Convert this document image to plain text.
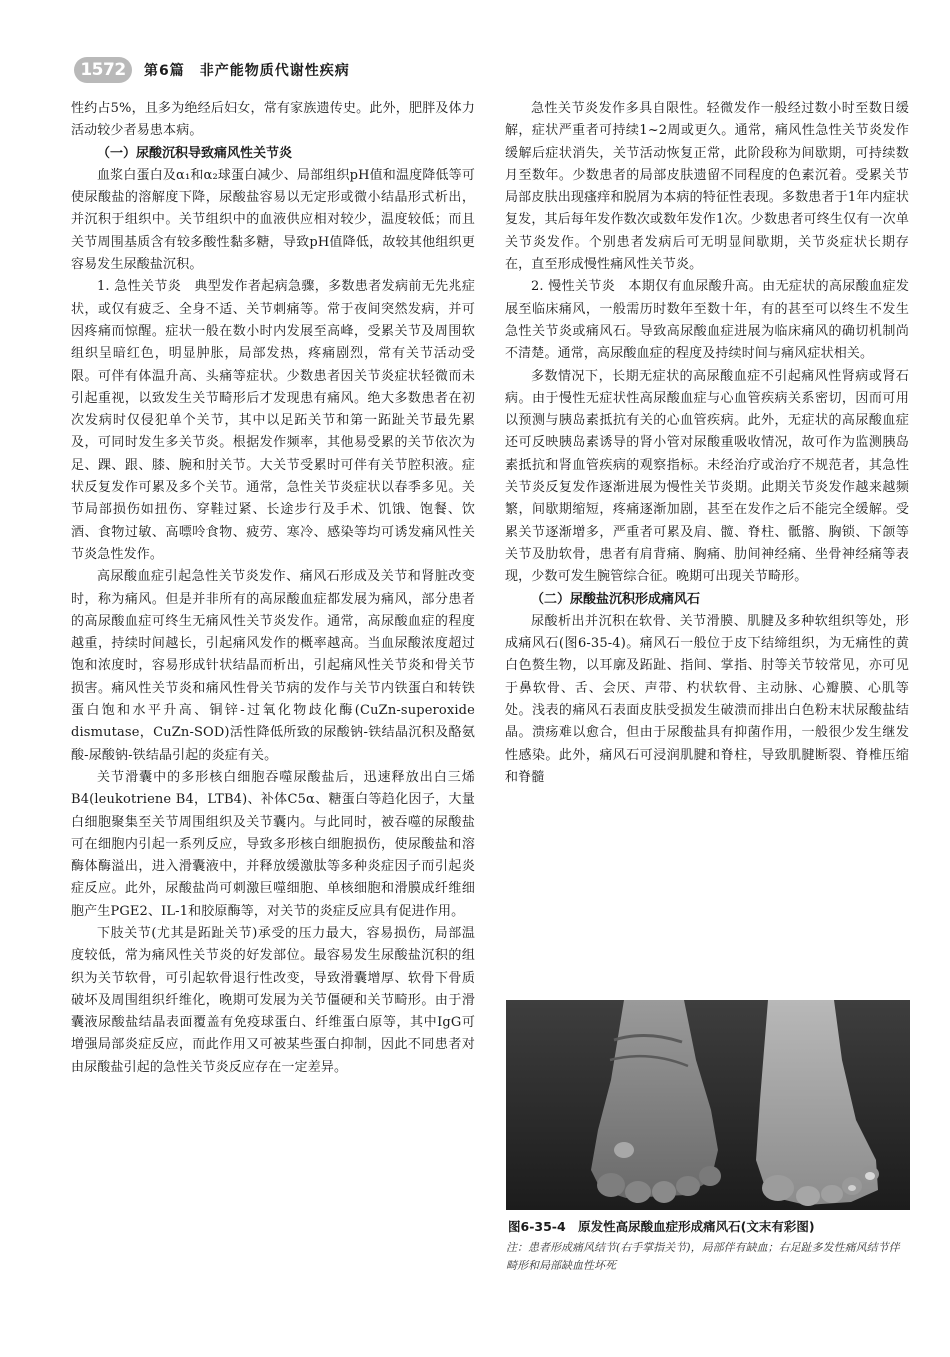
1572	第6篇　非产能物质代谢性疾病

性约占5%，且多为绝经后妇女，常有家族遗传史。此外，肥胖及体力活动较少者易患本病。

（一）尿酸沉积导致痛风性关节炎

血浆白蛋白及α₁和α₂球蛋白减少、局部组织pH值和温度降低等可使尿酸盐的溶解度下降，尿酸盐容易以无定形或微小结晶形式析出，并沉积于组织中。关节组织中的血液供应相对较少，温度较低；而且关节周围基质含有较多酸性黏多糖，导致pH值降低，故较其他组织更容易发生尿酸盐沉积。

1. 急性关节炎　典型发作者起病急骤，多数患者发病前无先兆症状，或仅有疲乏、全身不适、关节刺痛等。常于夜间突然发病，并可因疼痛而惊醒。症状一般在数小时内发展至高峰，受累关节及周围软组织呈暗红色，明显肿胀，局部发热，疼痛剧烈，常有关节活动受限。可伴有体温升高、头痛等症状。少数患者因关节炎症状轻微而未引起重视，以致发生关节畸形后才发现患有痛风。绝大多数患者在初次发病时仅侵犯单个关节，其中以足跖关节和第一跖趾关节最先累及，可同时发生多关节炎。根据发作频率，其他易受累的关节依次为足、踝、跟、膝、腕和肘关节。大关节受累时可伴有关节腔积液。症状反复发作可累及多个关节。通常，急性关节炎症状以春季多见。关节局部损伤如扭伤、穿鞋过紧、长途步行及手术、饥饿、饱餐、饮酒、食物过敏、高嘌呤食物、疲劳、寒冷、感染等均可诱发痛风性关节炎急性发作。

高尿酸血症引起急性关节炎发作、痛风石形成及关节和肾脏改变时，称为痛风。但是并非所有的高尿酸血症都发展为痛风，部分患者的高尿酸血症可终生无痛风性关节炎发作。通常，高尿酸血症的程度越重，持续时间越长，引起痛风发作的概率越高。当血尿酸浓度超过饱和浓度时，容易形成针状结晶而析出，引起痛风性关节炎和骨关节损害。痛风性关节炎和痛风性骨关节病的发作与关节内铁蛋白和转铁蛋白饱和水平升高、铜锌-过氧化物歧化酶(CuZn-superoxide dismutase，CuZn-SOD)活性降低所致的尿酸钠-铁结晶沉积及酪氨酸-尿酸钠-铁结晶引起的炎症有关。

关节滑囊中的多形核白细胞吞噬尿酸盐后，迅速释放出白三烯B4(leukotriene B4，LTB4)、补体C5α、糖蛋白等趋化因子，大量白细胞聚集至关节周围组织及关节囊内。与此同时，被吞噬的尿酸盐可在细胞内引起一系列反应，导致多形核白细胞损伤，使尿酸盐和溶酶体酶溢出，进入滑囊液中，并释放缓激肽等多种炎症因子而引起炎症反应。此外，尿酸盐尚可刺激巨噬细胞、单核细胞和滑膜成纤维细胞产生PGE2、IL-1和胶原酶等，对关节的炎症反应具有促进作用。

下肢关节(尤其是跖趾关节)承受的压力最大，容易损伤，局部温度较低，常为痛风性关节炎的好发部位。最容易发生尿酸盐沉积的组织为关节软骨，可引起软骨退行性改变，导致滑囊增厚、软骨下骨质破坏及周围组织纤维化，晚期可发展为关节僵硬和关节畸形。由于滑囊液尿酸盐结晶表面覆盖有免疫球蛋白、纤维蛋白原等，其中IgG可增强局部炎症反应，而此作用又可被某些蛋白抑制，因此不同患者对由尿酸盐引起的急性关节炎反应存在一定差异。

急性关节炎发作多具自限性。轻微发作一般经过数小时至数日缓解，症状严重者可持续1~2周或更久。通常，痛风性急性关节炎发作缓解后症状消失，关节活动恢复正常，此阶段称为间歇期，可持续数月至数年。少数患者的局部皮肤遗留不同程度的色素沉着。受累关节局部皮肤出现瘙痒和脱屑为本病的特征性表现。多数患者于1年内症状复发，其后每年发作数次或数年发作1次。少数患者可终生仅有一次单关节炎发作。个别患者发病后可无明显间歇期，关节炎症状长期存在，直至形成慢性痛风性关节炎。

2. 慢性关节炎　本期仅有血尿酸升高。由无症状的高尿酸血症发展至临床痛风，一般需历时数年至数十年，有的甚至可以终生不发生急性关节炎或痛风石。导致高尿酸血症进展为临床痛风的确切机制尚不清楚。通常，高尿酸血症的程度及持续时间与痛风症状相关。

多数情况下，长期无症状的高尿酸血症不引起痛风性肾病或肾石病。由于慢性无症状性高尿酸血症与心血管疾病关系密切，因而可用以预测与胰岛素抵抗有关的心血管疾病。此外，无症状的高尿酸血症还可反映胰岛素诱导的肾小管对尿酸重吸收情况，故可作为监测胰岛素抵抗和肾血管疾病的观察指标。未经治疗或治疗不规范者，其急性关节炎反复发作逐渐进展为慢性关节炎期。此期关节炎发作越来越频繁，间歇期缩短，疼痛逐渐加剧，甚至在发作之后不能完全缓解。受累关节逐渐增多，严重者可累及肩、髋、脊柱、骶髂、胸锁、下颌等关节及肋软骨，患者有肩背痛、胸痛、肋间神经痛、坐骨神经痛等表现，少数可发生腕管综合征。晚期可出现关节畸形。

（二）尿酸盐沉积形成痛风石

尿酸析出并沉积在软骨、关节滑膜、肌腱及多种软组织等处，形成痛风石(图6-35-4)。痛风石一般位于皮下结缔组织，为无痛性的黄白色赘生物，以耳廓及跖趾、指间、掌指、肘等关节较常见，亦可见于鼻软骨、舌、会厌、声带、杓状软骨、主动脉、心瓣膜、心肌等处。浅表的痛风石表面皮肤受损发生破溃而排出白色粉末状尿酸盐结晶。溃疡难以愈合，但由于尿酸盐具有抑菌作用，一般很少发生继发性感染。此外，痛风石可浸润肌腱和脊柱，导致肌腱断裂、脊椎压缩和脊髓

图6-35-4　原发性高尿酸血症形成痛风石(文末有彩图)
注：患者形成痛风结节(右手掌指关节)，局部伴有缺血；右足趾多发性痛风结节伴畸形和局部缺血性坏死
